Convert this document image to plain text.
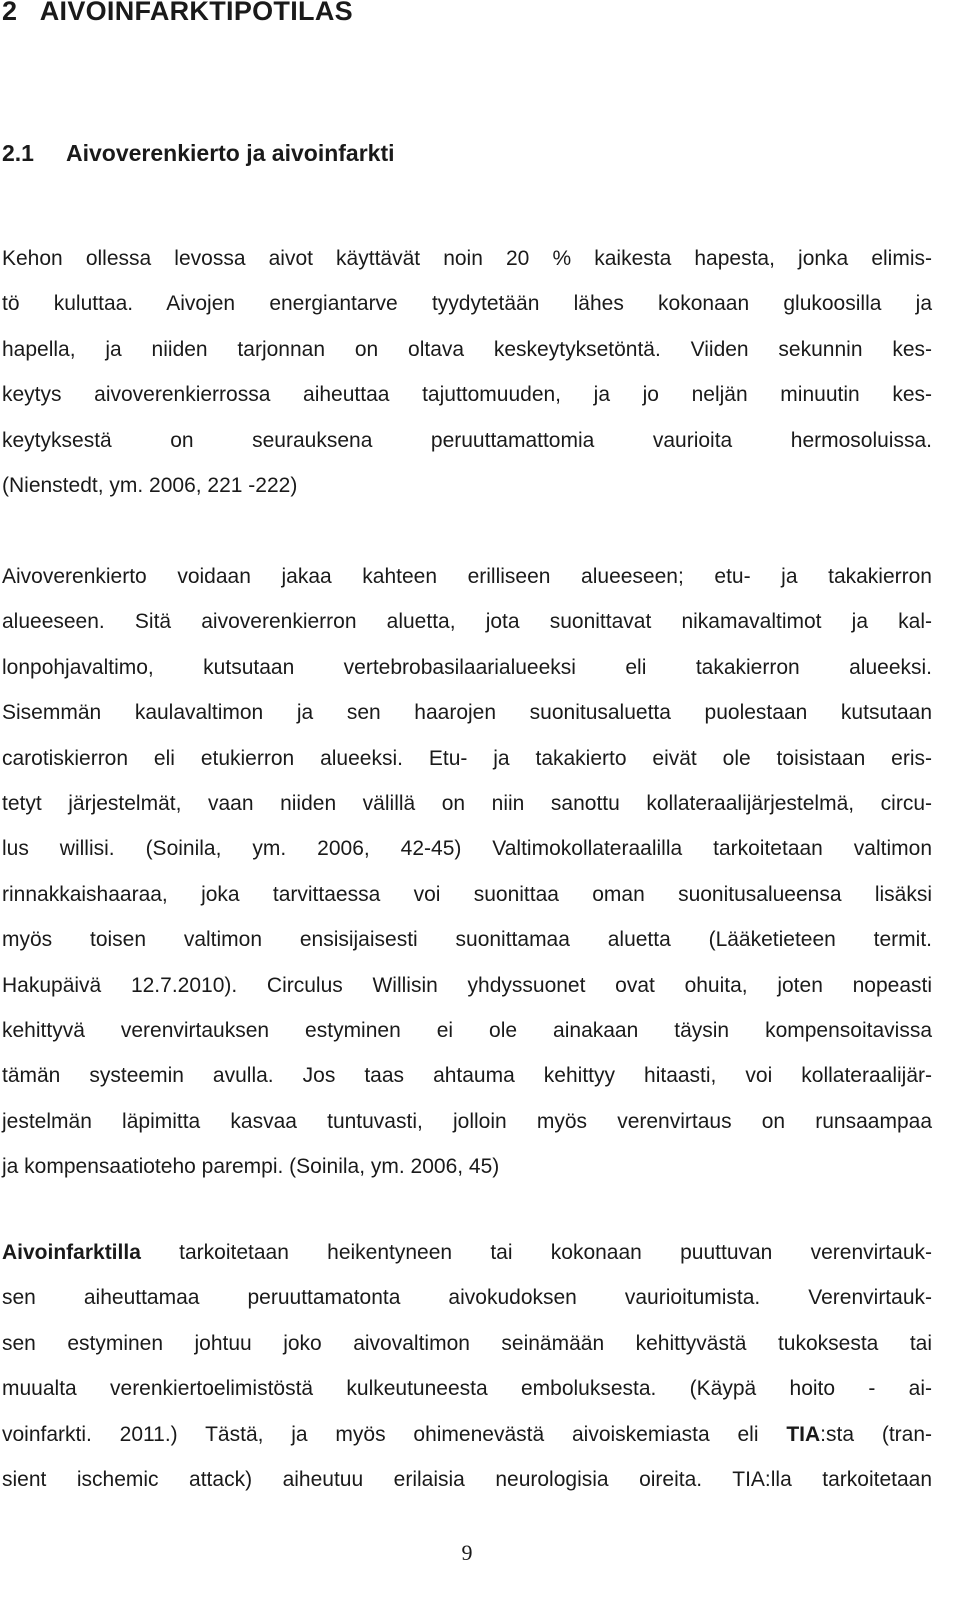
2   AIVOINFARKTIPOTILAS
2.1 Aivoverenkierto ja aivoinfarkti
Kehon ollessa levossa aivot käyttävät noin 20 % kaikesta hapesta, jonka elimis-
tö kuluttaa. Aivojen energiantarve tyydytetään lähes kokonaan glukoosilla ja
hapella, ja niiden tarjonnan on oltava keskeytyksetöntä. Viiden sekunnin kes-
keytys aivoverenkierrossa aiheuttaa tajuttomuuden, ja jo neljän minuutin kes-
keytyksestä on seurauksena peruuttamattomia vaurioita hermosoluissa.
(Nienstedt, ym. 2006, 221 -222)
Aivoverenkierto voidaan jakaa kahteen erilliseen alueeseen; etu- ja takakierron
alueeseen. Sitä aivoverenkierron aluetta, jota suonittavat nikamavaltimot ja kal-
lonpohjavaltimo, kutsutaan vertebrobasilaarialueeksi eli takakierron alueeksi.
Sisemmän kaulavaltimon ja sen haarojen suonitusaluetta puolestaan kutsutaan
carotiskierron eli etukierron alueeksi. Etu- ja takakierto eivät ole toisistaan eris-
tetyt järjestelmät, vaan niiden välillä on niin sanottu kollateraalijärjestelmä, circu-
lus willisi. (Soinila, ym. 2006, 42-45) Valtimokollateraalilla tarkoitetaan valtimon
rinnakkaishaaraa, joka tarvittaessa voi suonittaa oman suonitusalueensa lisäksi
myös toisen valtimon ensisijaisesti suonittamaa aluetta (Lääketieteen termit.
Hakupäivä 12.7.2010). Circulus Willisin yhdyssuonet ovat ohuita, joten nopeasti
kehittyvä verenvirtauksen estyminen ei ole ainakaan täysin kompensoitavissa
tämän systeemin avulla. Jos taas ahtauma kehittyy hitaasti, voi kollateraalijär-
jestelmän läpimitta kasvaa tuntuvasti, jolloin myös verenvirtaus on runsaampaa
ja kompensaatioteho parempi. (Soinila, ym. 2006, 45)
Aivoinfarktilla tarkoitetaan heikentyneen tai kokonaan puuttuvan verenvirtauk-
sen aiheuttamaa peruuttamatonta aivokudoksen vaurioitumista. Verenvirtauk-
sen estyminen johtuu joko aivovaltimon seinämään kehittyvästä tukoksesta tai
muualta verenkiertoelimistöstä kulkeutuneesta emboluksesta. (Käypä hoito - ai-
voinfarkti. 2011.) Tästä, ja myös ohimenevästä aivoiskemiasta eli TIA:sta (tran-
sient ischemic attack) aiheutuu erilaisia neurologisia oireita. TIA:lla tarkoitetaan
9
